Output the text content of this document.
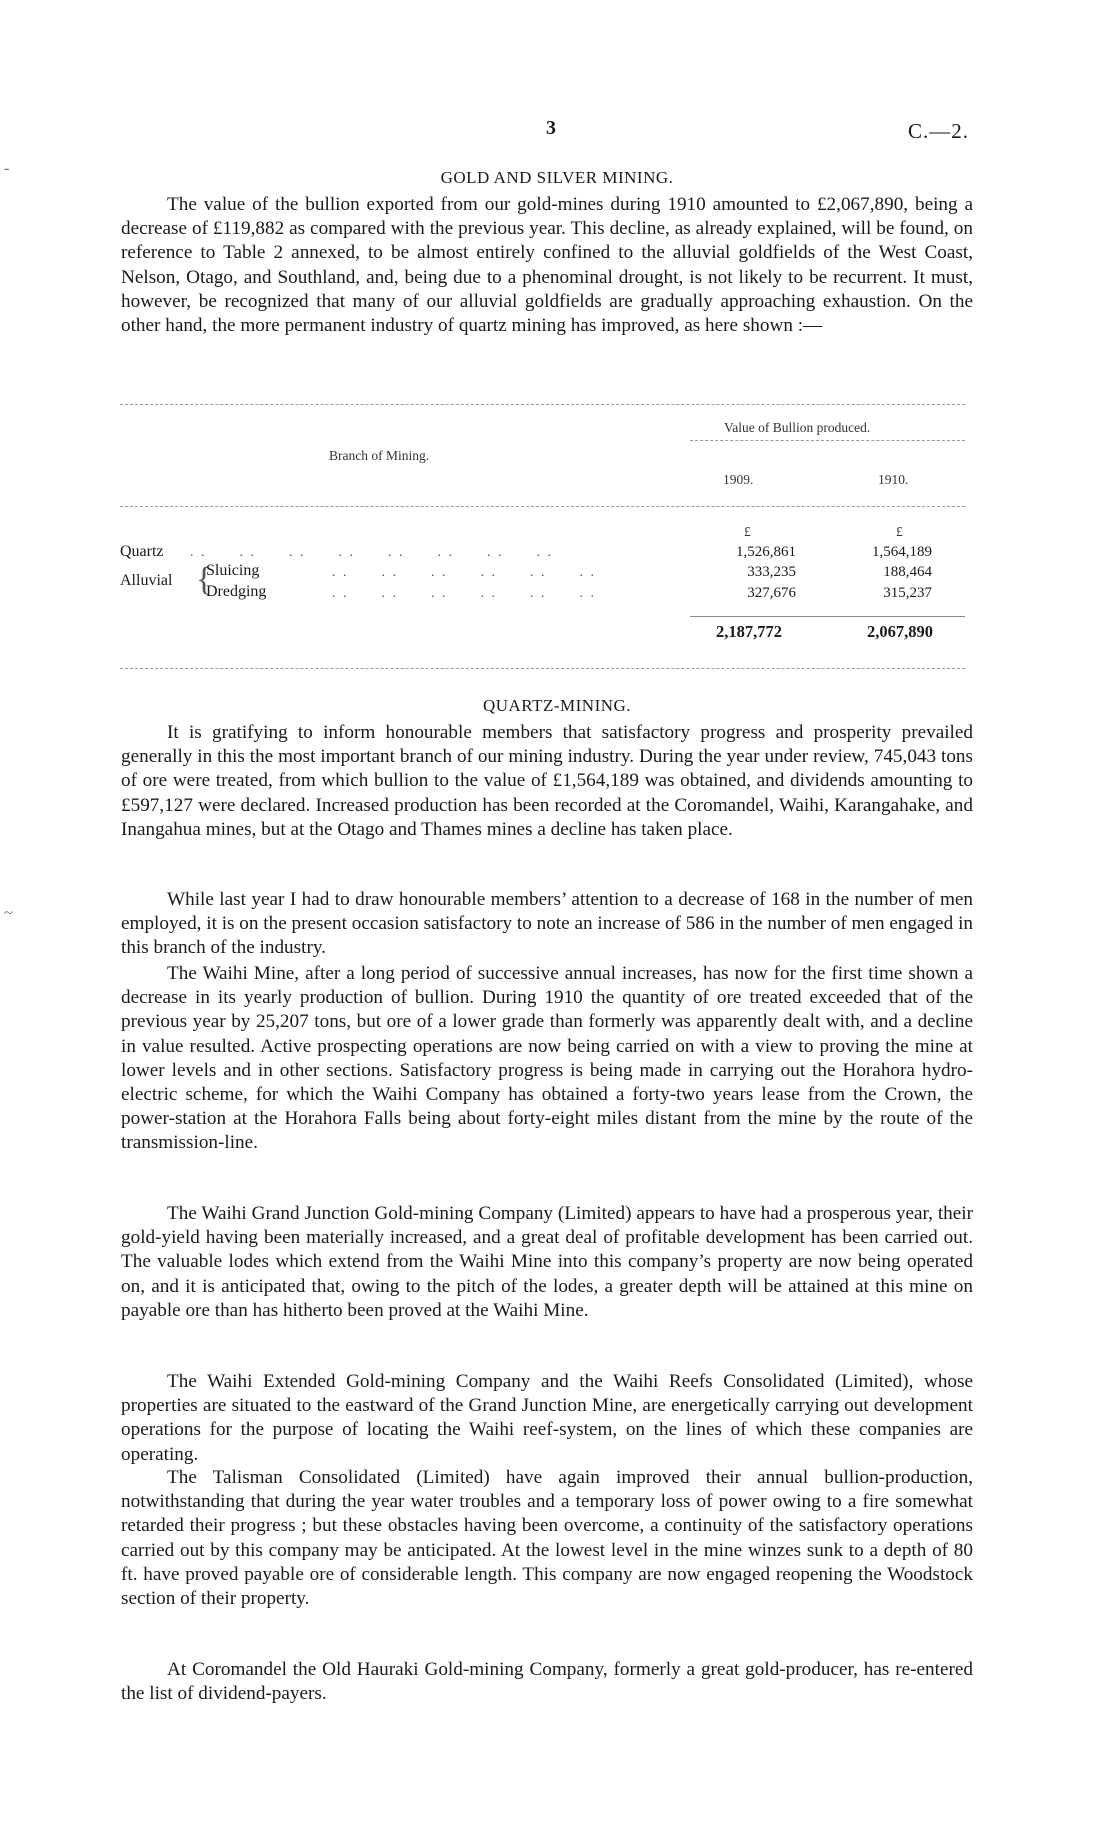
-
~
3	C.—2.
GOLD AND SILVER MINING.

The value of the bullion exported from our gold-mines during 1910 amounted to £2,067,890, being a decrease of £119,882 as compared with the previous year. This decline, as already explained, will be found, on reference to Table 2 annexed, to be almost entirely confined to the alluvial goldfields of the West Coast, Nelson, Otago, and Southland, and, being due to a phenominal drought, is not likely to be recurrent. It must, however, be recognized that many of our alluvial goldfields are gradually approaching exhaustion. On the other hand, the more permanent industry of quartz mining has improved, as here shown :—

Value of Bullion produced.
Branch of Mining.
1909.	1910.
£	£
Quartz . .      . .      . .      . .      . .      . .      . .      . .	1,526,861	1,564,189
Alluvial {
Sluicing	. .      . .      . .      . .      . .      . .	333,235	188,464
Dredging	. .      . .      . .      . .      . .      . .	327,676	315,237
2,187,772	2,067,890
QUARTZ-MINING.

It is gratifying to inform honourable members that satisfactory progress and prosperity prevailed generally in this the most important branch of our mining industry. During the year under review, 745,043 tons of ore were treated, from which bullion to the value of £1,564,189 was obtained, and dividends amounting to £597,127 were declared. Increased production has been recorded at the Coromandel, Waihi, Karangahake, and Inangahua mines, but at the Otago and Thames mines a decline has taken place.

While last year I had to draw honourable members’ attention to a decrease of 168 in the number of men employed, it is on the present occasion satisfactory to note an increase of 586 in the number of men engaged in this branch of the industry.

The Waihi Mine, after a long period of successive annual increases, has now for the first time shown a decrease in its yearly production of bullion. During 1910 the quantity of ore treated exceeded that of the previous year by 25,207 tons, but ore of a lower grade than formerly was apparently dealt with, and a decline in value resulted. Active prospecting operations are now being carried on with a view to proving the mine at lower levels and in other sections. Satisfactory progress is being made in carrying out the Horahora hydro-electric scheme, for which the Waihi Company has obtained a forty-two years lease from the Crown, the power-station at the Horahora Falls being about forty-eight miles distant from the mine by the route of the transmission-line.

The Waihi Grand Junction Gold-mining Company (Limited) appears to have had a prosperous year, their gold-yield having been materially increased, and a great deal of profitable development has been carried out. The valuable lodes which extend from the Waihi Mine into this company’s property are now being operated on, and it is anticipated that, owing to the pitch of the lodes, a greater depth will be attained at this mine on payable ore than has hitherto been proved at the Waihi Mine.

The Waihi Extended Gold-mining Company and the Waihi Reefs Consolidated (Limited), whose properties are situated to the eastward of the Grand Junction Mine, are energetically carrying out development operations for the purpose of locating the Waihi reef-system, on the lines of which these companies are operating.

The Talisman Consolidated (Limited) have again improved their annual bullion-production, notwithstanding that during the year water troubles and a temporary loss of power owing to a fire somewhat retarded their progress ; but these obstacles having been overcome, a continuity of the satisfactory operations carried out by this company may be anticipated. At the lowest level in the mine winzes sunk to a depth of 80 ft. have proved payable ore of considerable length. This company are now engaged reopening the Woodstock section of their property.

At Coromandel the Old Hauraki Gold-mining Company, formerly a great gold-producer, has re-entered the list of dividend-payers.
